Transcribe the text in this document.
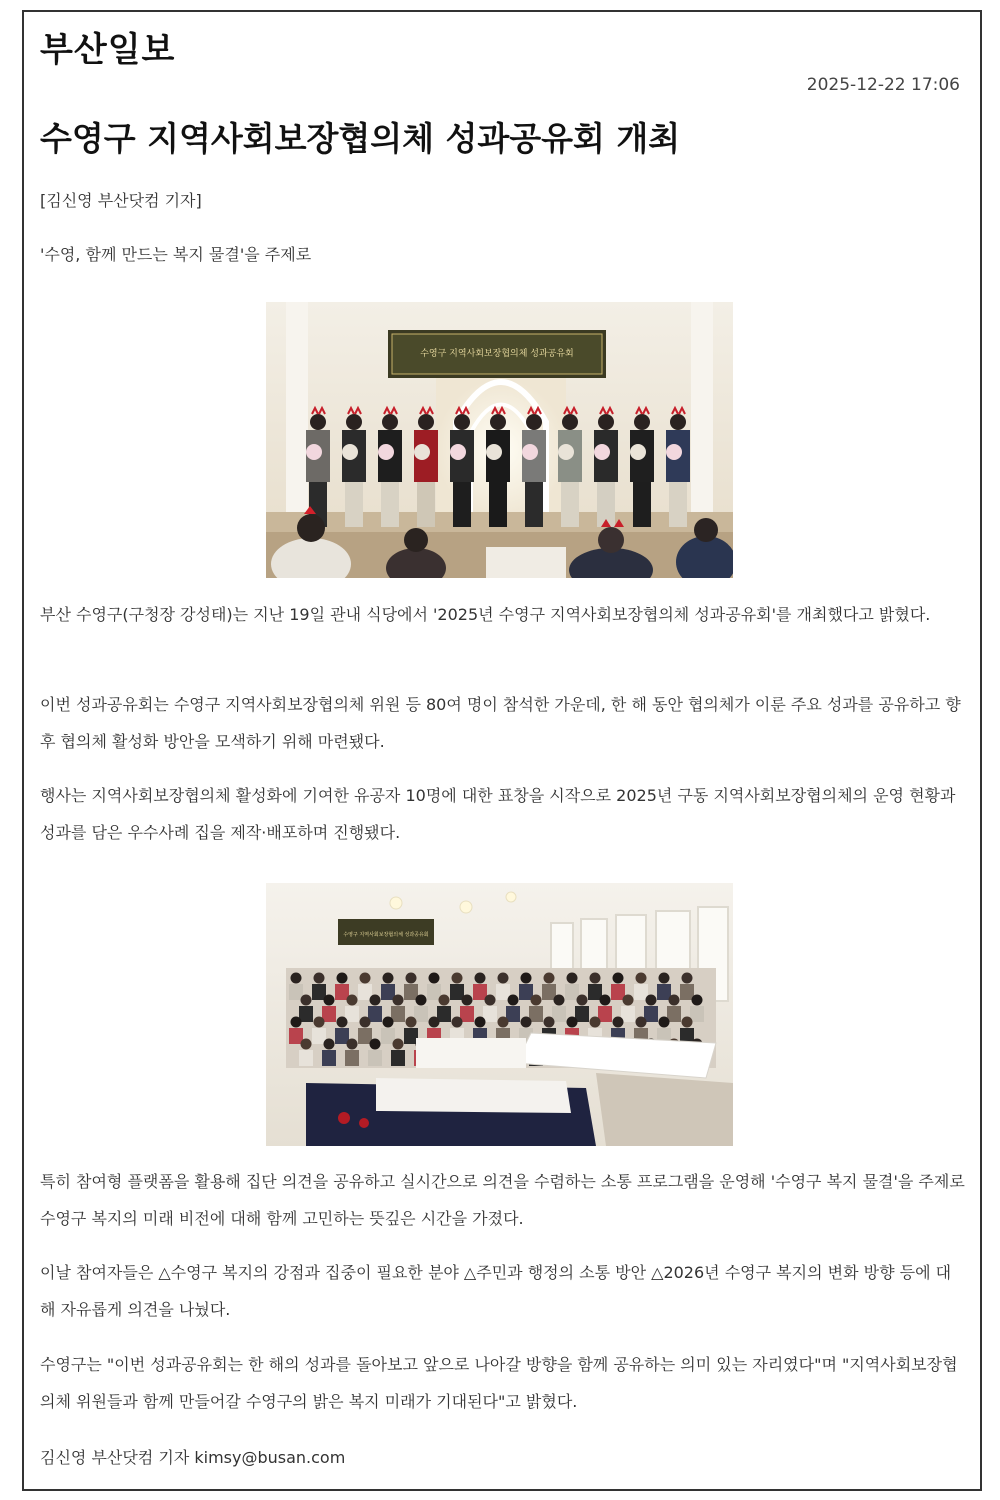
부산일보
2025-12-22 17:06
수영구 지역사회보장협의체 성과공유회 개최
[김신영 부산닷컴 기자]
'수영, 함께 만드는 복지 물결'을 주제로
수영구 지역사회보장협의체 성과공유회

부산 수영구(구청장 강성태)는 지난 19일 관내 식당에서 '2025년 수영구 지역사회보장협의체 성과공유회'를 개최했다고 밝혔다.

이번 성과공유회는 수영구 지역사회보장협의체 위원 등 80여 명이 참석한 가운데, 한 해 동안 협의체가 이룬 주요 성과를 공유하고 향후 협의체 활성화 방안을 모색하기 위해 마련됐다.

행사는 지역사회보장협의체 활성화에 기여한 유공자 10명에 대한 표창을 시작으로 2025년 구동 지역사회보장협의체의 운영 현황과 성과를 담은 우수사례 집을 제작·배포하며 진행됐다.

수영구 지역사회보장협의체 성과공유회

특히 참여형 플랫폼을 활용해 집단 의견을 공유하고 실시간으로 의견을 수렴하는 소통 프로그램을 운영해 '수영구 복지 물결'을 주제로 수영구 복지의 미래 비전에 대해 함께 고민하는 뜻깊은 시간을 가졌다.

이날 참여자들은 △수영구 복지의 강점과 집중이 필요한 분야 △주민과 행정의 소통 방안 △2026년 수영구 복지의 변화 방향 등에 대해 자유롭게 의견을 나눴다.

수영구는 "이번 성과공유회는 한 해의 성과를 돌아보고 앞으로 나아갈 방향을 함께 공유하는 의미 있는 자리였다"며 "지역사회보장협의체 위원들과 함께 만들어갈 수영구의 밝은 복지 미래가 기대된다"고 밝혔다.

김신영 부산닷컴 기자 kimsy@busan.com
